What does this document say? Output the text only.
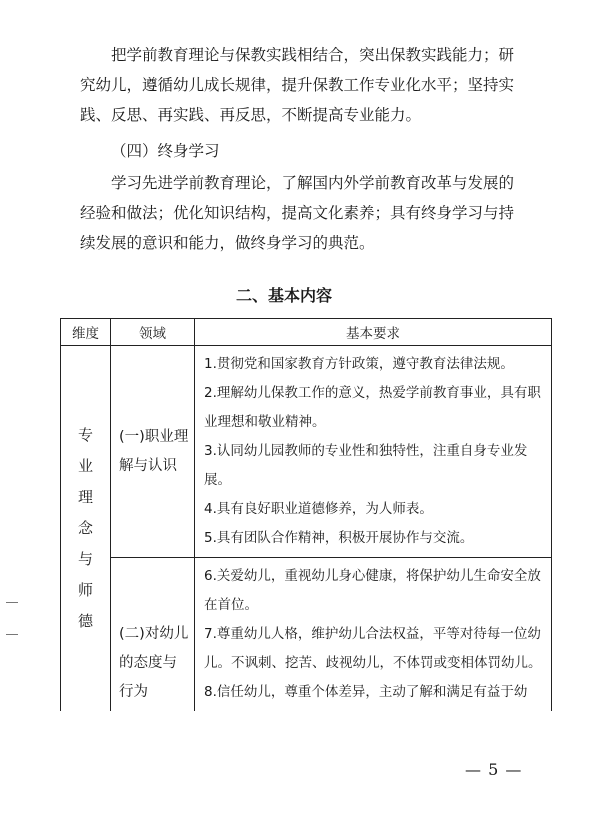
把学前教育理论与保教实践相结合，突出保教实践能力；研

究幼儿，遵循幼儿成长规律，提升保教工作专业化水平；坚持实

践、反思、再实践、再反思，不断提高专业能力。

（四）终身学习

学习先进学前教育理论，了解国内外学前教育改革与发展的

经验和做法；优化知识结构，提高文化素养；具有终身学习与持

续发展的意识和能力，做终身学习的典范。

二、基本内容
维度	领域	基本要求
专业理念与师德	(一)职业理解与认识	1.贯彻党和国家教育方针政策，遵守教育法律法规。
2.理解幼儿保教工作的意义，热爱学前教育事业，具有职业理想和敬业精神。
3.认同幼儿园教师的专业性和独特性，注重自身专业发展。
4.具有良好职业道德修养，为人师表。
5.具有团队合作精神，积极开展协作与交流。

	(二)对幼儿的态度与行为	6.关爱幼儿，重视幼儿身心健康，将保护幼儿生命安全放在首位。
7.尊重幼儿人格，维护幼儿合法权益，平等对待每一位幼儿。不讽刺、挖苦、歧视幼儿，不体罚或变相体罚幼儿。
8.信任幼儿，尊重个体差异，主动了解和满足有益于幼
— 5 —
